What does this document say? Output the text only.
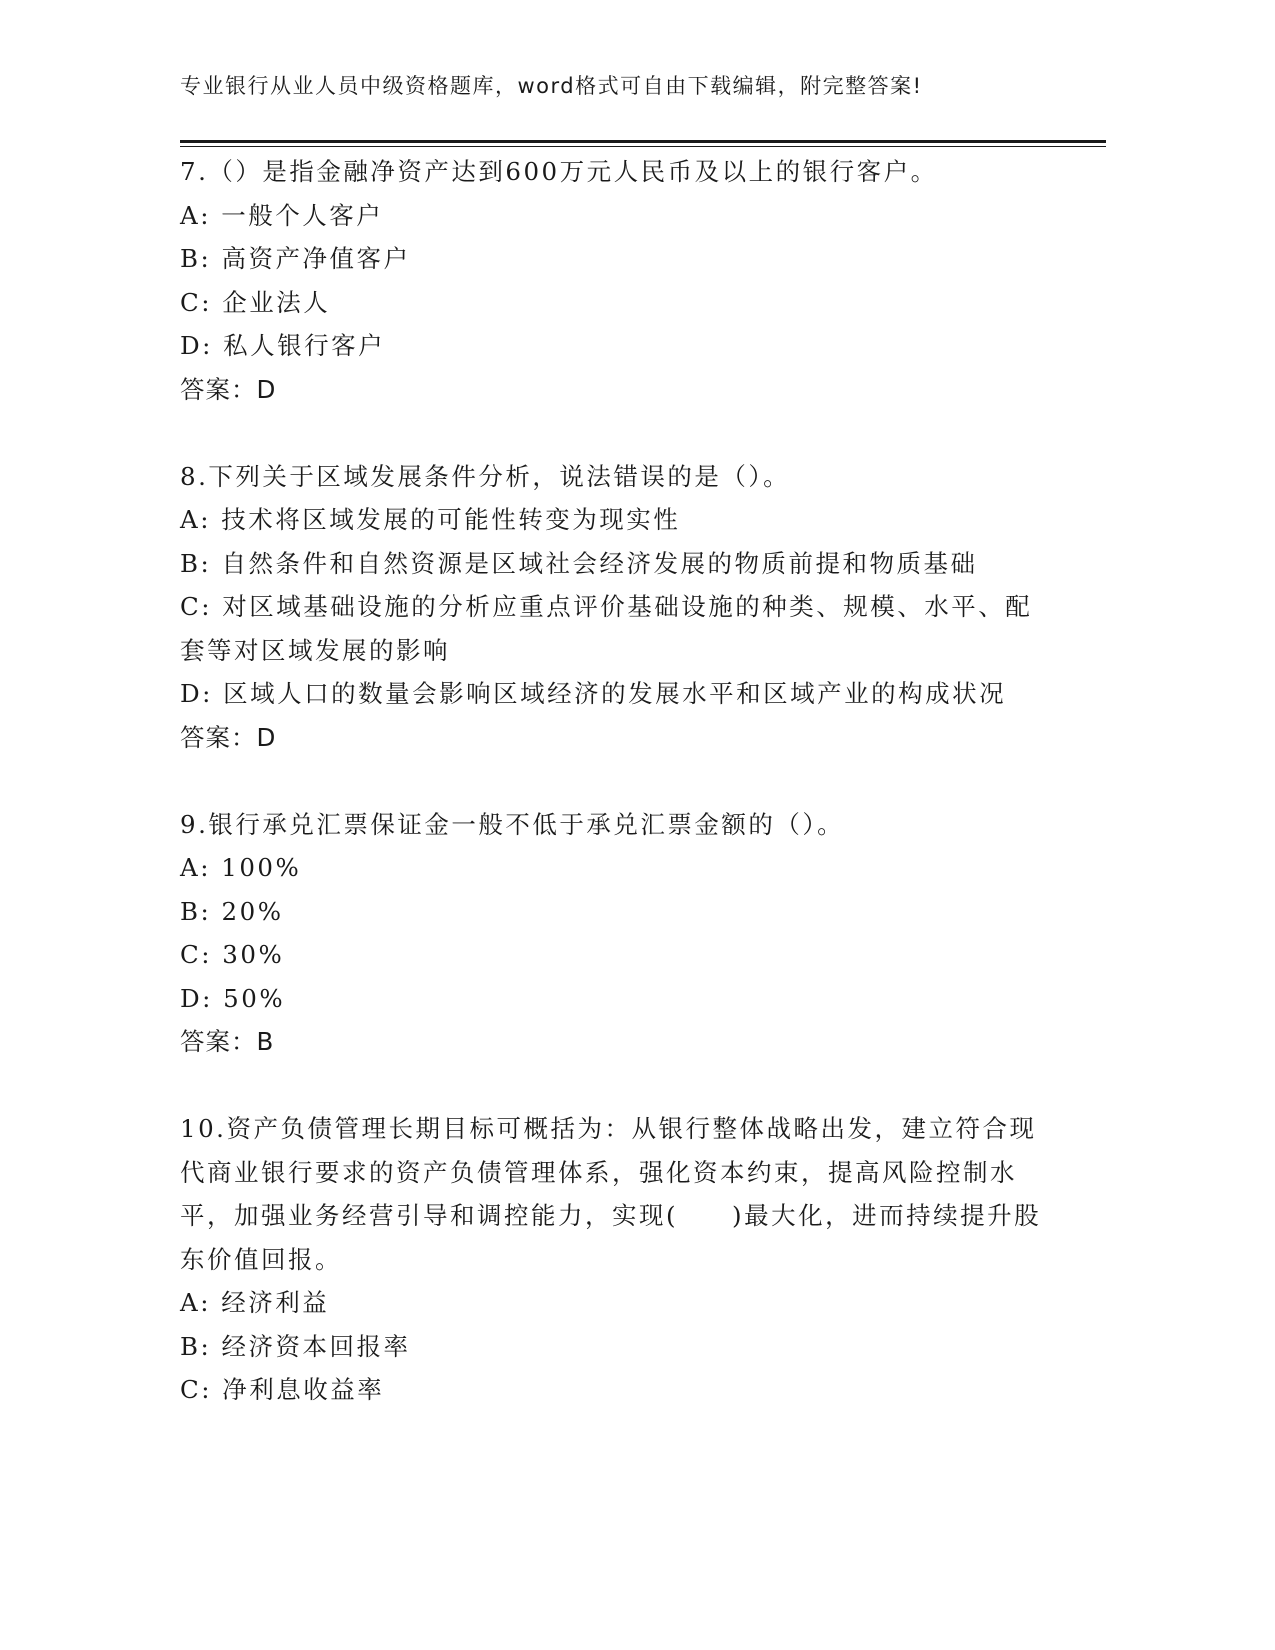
专业银行从业人员中级资格题库，word格式可自由下载编辑，附完整答案!
7.（）是指金融净资产达到600万元人民币及以上的银行客户。
A: 一般个人客户
B: 高资产净值客户
C: 企业法人
D: 私人银行客户
答案：D
8.下列关于区域发展条件分析，说法错误的是（）。
A: 技术将区域发展的可能性转变为现实性
B: 自然条件和自然资源是区域社会经济发展的物质前提和物质基础
C: 对区域基础设施的分析应重点评价基础设施的种类、规模、水平、配套等对区域发展的影响
D: 区域人口的数量会影响区域经济的发展水平和区域产业的构成状况
答案：D
9.银行承兑汇票保证金一般不低于承兑汇票金额的（）。
A: 100%
B: 20%
C: 30%
D: 50%
答案：B
10.资产负债管理长期目标可概括为：从银行整体战略出发，建立符合现代商业银行要求的资产负债管理体系，强化资本约束，提高风险控制水平，加强业务经营引导和调控能力，实现(　　)最大化，进而持续提升股东价值回报。
A: 经济利益
B: 经济资本回报率
C: 净利息收益率
